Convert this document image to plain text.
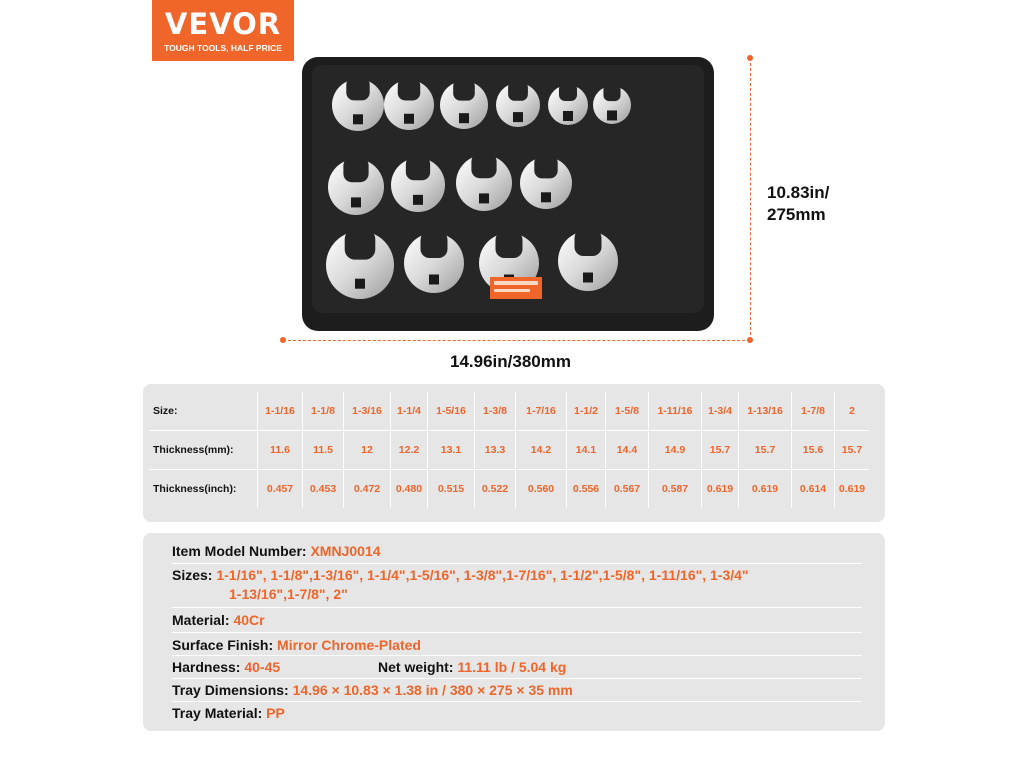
VEVOR
TOUGH TOOLS, HALF PRICE
10.83in/
275mm
14.96in/380mm
Size:	1-1/16	1-1/8	1-3/16	1-1/4	1-5/16	1-3/8	1-7/16	1-1/2	1-5/8	1-11/16	1-3/4	1-13/16	1-7/8	2
Thickness(mm):	11.6	11.5	12	12.2	13.1	13.3	14.2	14.1	14.4	14.9	15.7	15.7	15.6	15.7
Thickness(inch):	0.457	0.453	0.472	0.480	0.515	0.522	0.560	0.556	0.567	0.587	0.619	0.619	0.614	0.619
Item Model Number: XMNJ0014
Sizes: 1-1/16", 1-1/8",1-3/16", 1-1/4",1-5/16", 1-3/8",1-7/16", 1-1/2",1-5/8", 1-11/16", 1-3/4"
1-13/16",1-7/8", 2"
Material: 40Cr
Surface Finish: Mirror Chrome-Plated
Hardness: 40-45	Net weight: 11.11 lb / 5.04 kg
Tray Dimensions: 14.96 × 10.83 × 1.38 in / 380 × 275 × 35 mm
Tray Material: PP
